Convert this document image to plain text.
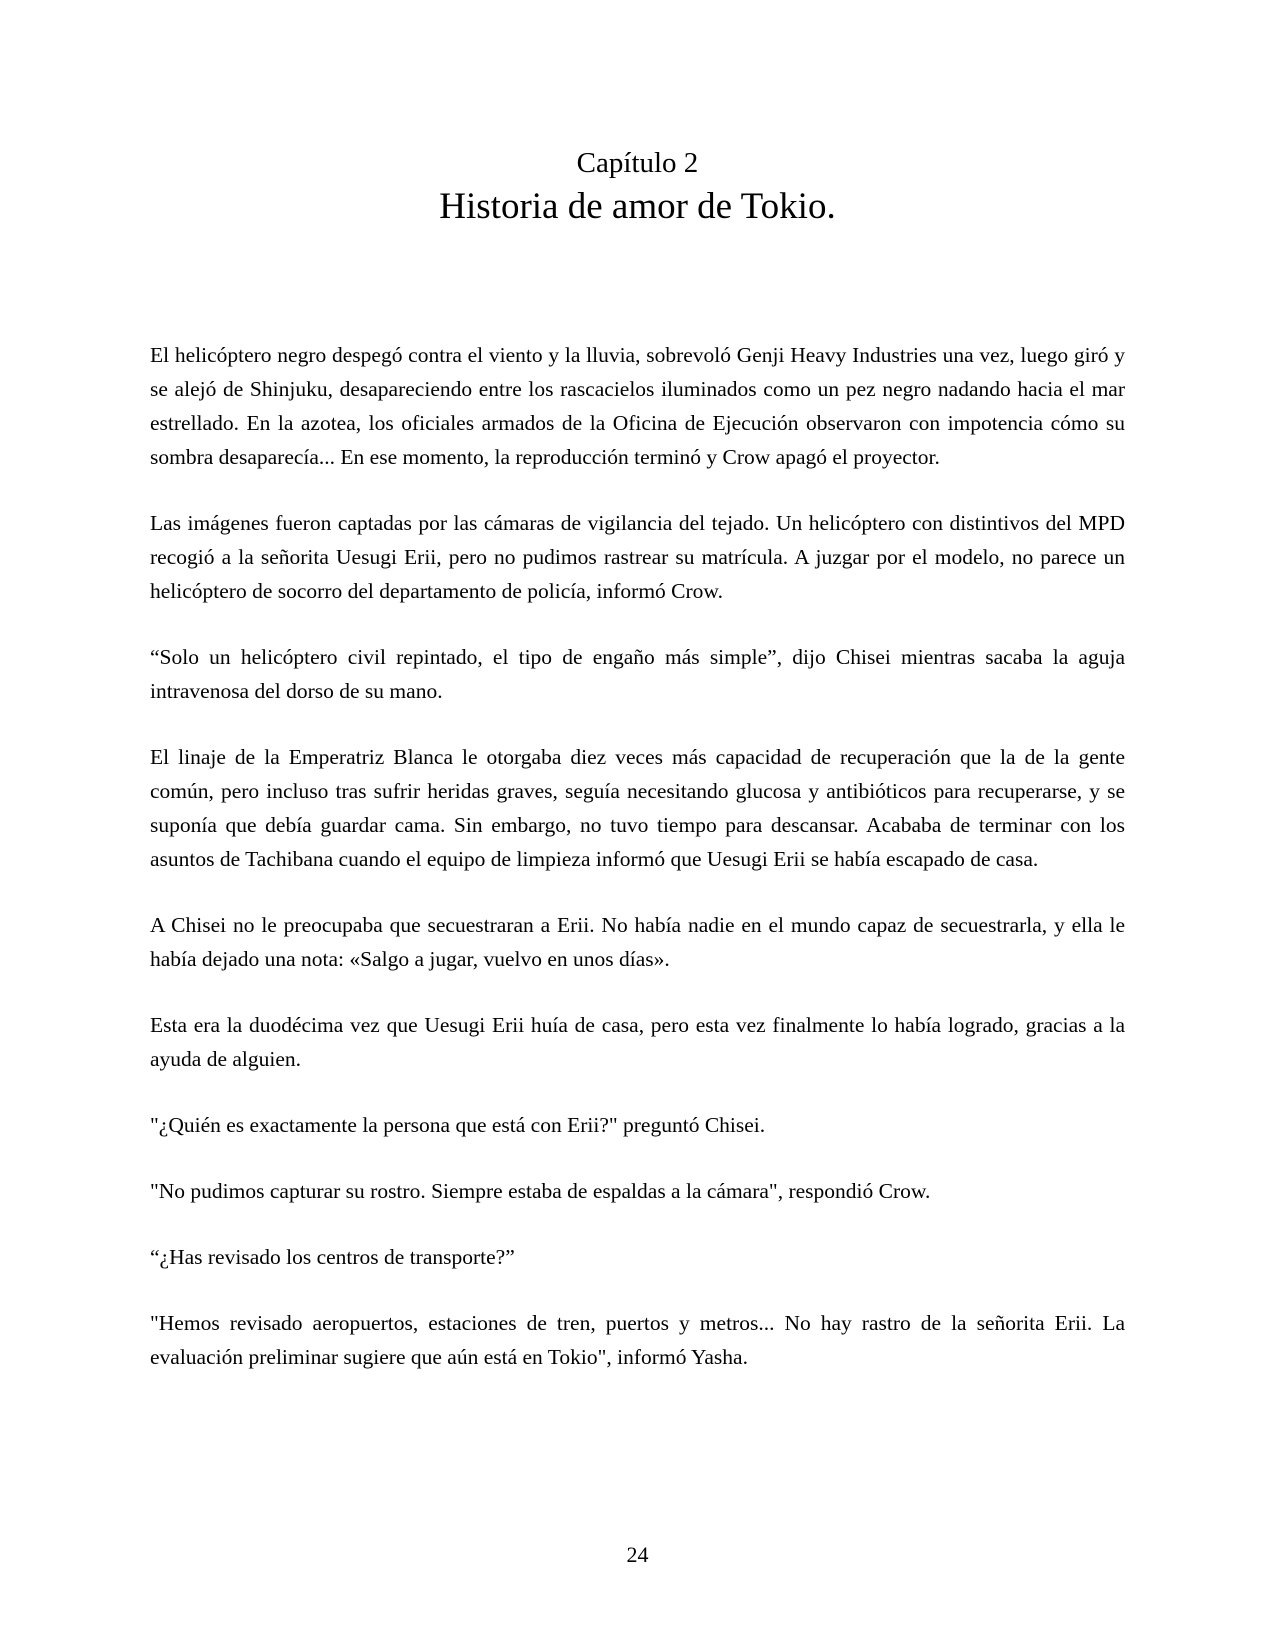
Capítulo 2
Historia de amor de Tokio.

El helicóptero negro despegó contra el viento y la lluvia, sobrevoló Genji Heavy Industries una vez, luego giró y se alejó de Shinjuku, desapareciendo entre los rascacielos iluminados como un pez negro nadando hacia el mar estrellado. En la azotea, los oficiales armados de la Oficina de Ejecución observaron con impotencia cómo su sombra desaparecía... En ese momento, la reproducción terminó y Crow apagó el proyector.

Las imágenes fueron captadas por las cámaras de vigilancia del tejado. Un helicóptero con distintivos del MPD recogió a la señorita Uesugi Erii, pero no pudimos rastrear su matrícula. A juzgar por el modelo, no parece un helicóptero de socorro del departamento de policía, informó Crow.

“Solo un helicóptero civil repintado, el tipo de engaño más simple”, dijo Chisei mientras sacaba la aguja intravenosa del dorso de su mano.

El linaje de la Emperatriz Blanca le otorgaba diez veces más capacidad de recuperación que la de la gente común, pero incluso tras sufrir heridas graves, seguía necesitando glucosa y antibióticos para recuperarse, y se suponía que debía guardar cama. Sin embargo, no tuvo tiempo para descansar. Acababa de terminar con los asuntos de Tachibana cuando el equipo de limpieza informó que Uesugi Erii se había escapado de casa.

A Chisei no le preocupaba que secuestraran a Erii. No había nadie en el mundo capaz de secuestrarla, y ella le había dejado una nota: «Salgo a jugar, vuelvo en unos días».

Esta era la duodécima vez que Uesugi Erii huía de casa, pero esta vez finalmente lo había logrado, gracias a la ayuda de alguien.

"¿Quién es exactamente la persona que está con Erii?" preguntó Chisei.

"No pudimos capturar su rostro. Siempre estaba de espaldas a la cámara", respondió Crow.

“¿Has revisado los centros de transporte?”

"Hemos revisado aeropuertos, estaciones de tren, puertos y metros... No hay rastro de la señorita Erii. La evaluación preliminar sugiere que aún está en Tokio", informó Yasha.

24
